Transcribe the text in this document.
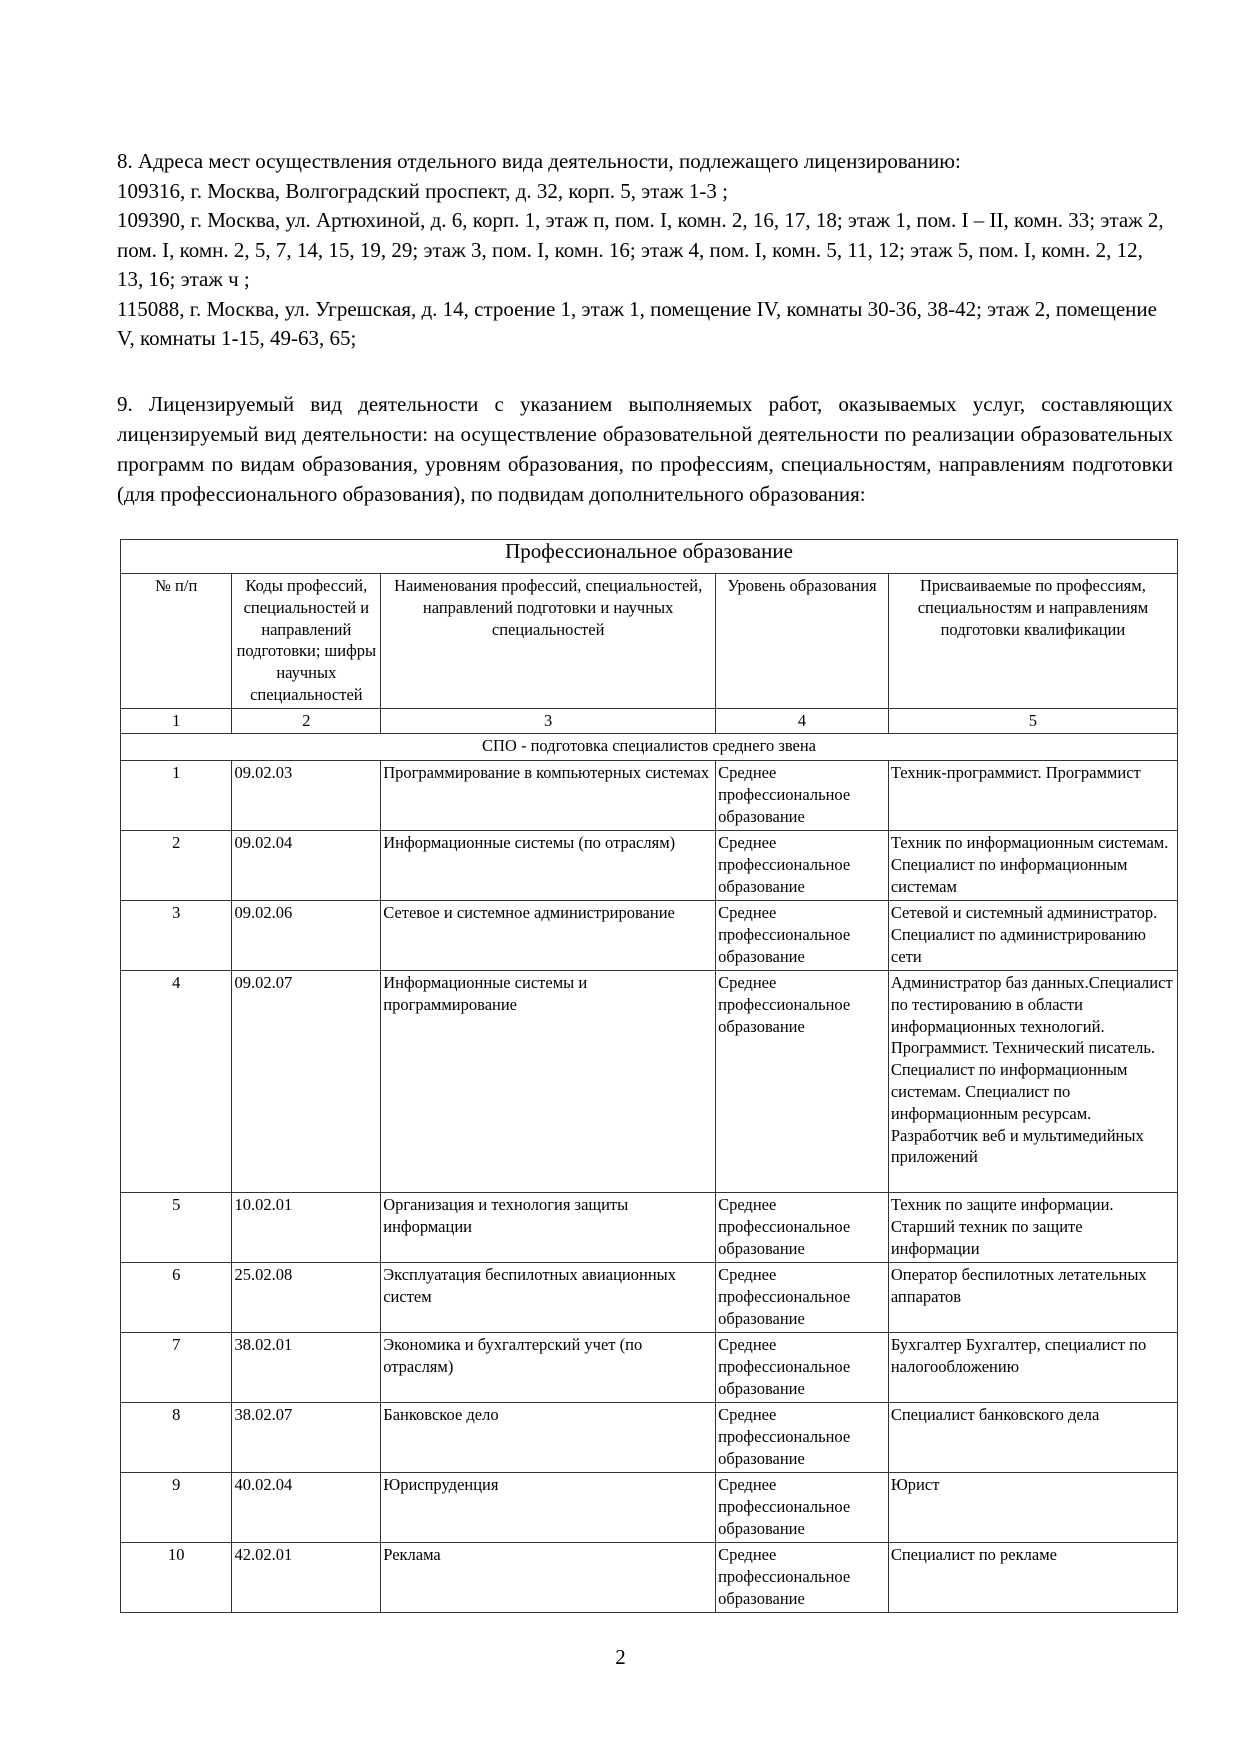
8. Адреса мест осуществления отдельного вида деятельности, подлежащего лицензированию:

109316, г. Москва, Волгоградский проспект, д. 32, корп. 5, этаж 1-3 ;

109390, г. Москва, ул. Артюхиной, д. 6, корп. 1, этаж п, пом. I, комн. 2, 16, 17, 18; этаж 1, пом. I – II, комн. 33; этаж 2, пом. I, комн. 2, 5, 7, 14, 15, 19, 29; этаж 3, пом. I, комн. 16; этаж 4, пом. I, комн. 5, 11, 12; этаж 5, пом. I, комн. 2, 12, 13, 16; этаж ч ;

115088, г. Москва, ул. Угрешская, д. 14, строение 1, этаж 1, помещение IV, комнаты 30-36, 38-42; этаж 2, помещение V, комнаты 1-15, 49-63, 65;

9. Лицензируемый вид деятельности с указанием выполняемых работ, оказываемых услуг, составляющих лицензируемый вид деятельности: на осуществление образовательной деятельности по реализации образовательных программ по видам образования, уровням образования, по профессиям, специальностям, направлениям подготовки (для профессионального образования), по подвидам дополнительного образования:

Профессиональное образование				
№ п/п	Коды профессий, специальностей и направлений подготовки; шифры научных специальностей	Наименования профессий, специальностей, направлений подготовки и научных специальностей	Уровень образования	Присваиваемые по профессиям, специальностям и направлениям подготовки квалификации
1	2	3	4	5
СПО - подготовка специалистов среднего звена				
1	09.02.03	Программирование в компьютерных системах	Среднее профессиональное образование	Техник-программист. Программист
2	09.02.04	Информационные системы (по отраслям)	Среднее профессиональное образование	Техник по информационным системам. Специалист по информационным системам
3	09.02.06	Сетевое и системное администрирование	Среднее профессиональное образование	Сетевой и системный администратор. Специалист по администрированию сети
4	09.02.07	Информационные системы и программирование	Среднее профессиональное образование	Администратор баз данных.Специалист по тестированию в области информационных технологий. Программист. Технический писатель. Специалист по информационным системам. Специалист по информационным ресурсам. Разработчик веб и мультимедийных приложений
5	10.02.01	Организация и технология защиты информации	Среднее профессиональное образование	Техник по защите информации. Старший техник по защите информации
6	25.02.08	Эксплуатация беспилотных авиационных систем	Среднее профессиональное образование	Оператор беспилотных летательных аппаратов
7	38.02.01	Экономика и бухгалтерский учет (по отраслям)	Среднее профессиональное образование	Бухгалтер Бухгалтер, специалист по налогообложению
8	38.02.07	Банковское дело	Среднее профессиональное образование	Специалист банковского дела
9	40.02.04	Юриспруденция	Среднее профессиональное образование	Юрист
10	42.02.01	Реклама	Среднее профессиональное образование	Специалист по рекламе
2
